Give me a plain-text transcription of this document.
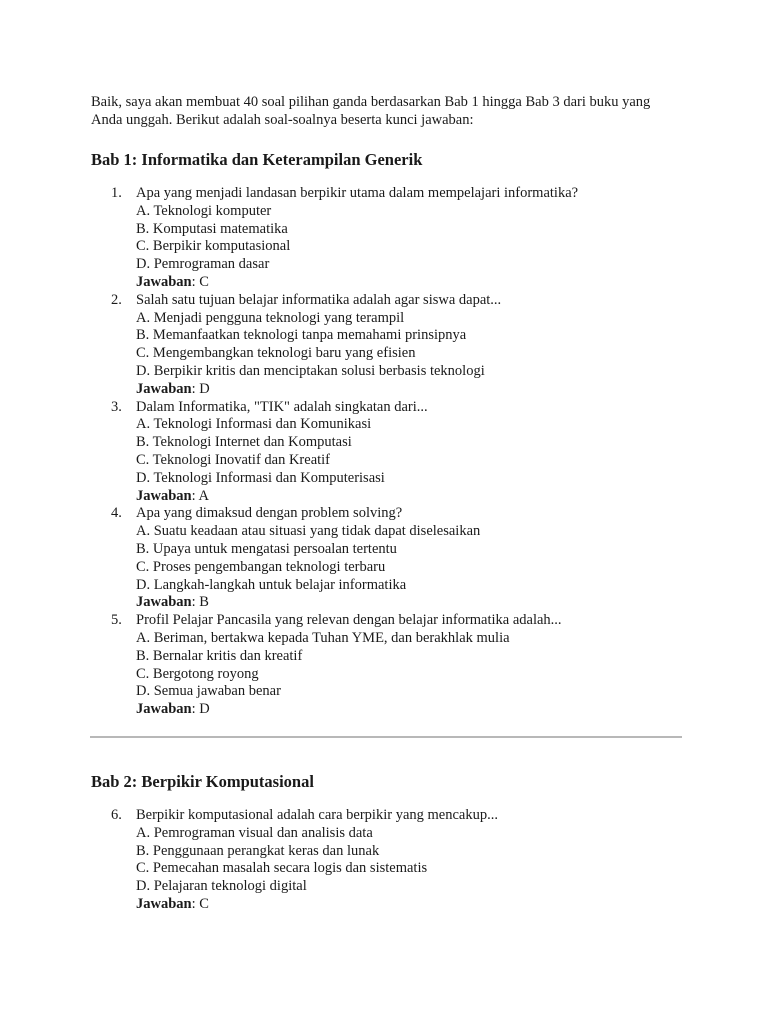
Baik, saya akan membuat 40 soal pilihan ganda berdasarkan Bab 1 hingga Bab 3 dari buku yang Anda unggah. Berikut adalah soal-soalnya beserta kunci jawaban:

Bab 1: Informatika dan Keterampilan Generik
1. Apa yang menjadi landasan berpikir utama dalam mempelajari informatika?
A. Teknologi komputer
B. Komputasi matematika
C. Berpikir komputasional
D. Pemrograman dasar
Jawaban: C
2. Salah satu tujuan belajar informatika adalah agar siswa dapat...
A. Menjadi pengguna teknologi yang terampil
B. Memanfaatkan teknologi tanpa memahami prinsipnya
C. Mengembangkan teknologi baru yang efisien
D. Berpikir kritis dan menciptakan solusi berbasis teknologi
Jawaban: D
3. Dalam Informatika, "TIK" adalah singkatan dari...
A. Teknologi Informasi dan Komunikasi
B. Teknologi Internet dan Komputasi
C. Teknologi Inovatif dan Kreatif
D. Teknologi Informasi dan Komputerisasi
Jawaban: A
4. Apa yang dimaksud dengan problem solving?
A. Suatu keadaan atau situasi yang tidak dapat diselesaikan
B. Upaya untuk mengatasi persoalan tertentu
C. Proses pengembangan teknologi terbaru
D. Langkah-langkah untuk belajar informatika
Jawaban: B
5. Profil Pelajar Pancasila yang relevan dengan belajar informatika adalah...
A. Beriman, bertakwa kepada Tuhan YME, dan berakhlak mulia
B. Bernalar kritis dan kreatif
C. Bergotong royong
D. Semua jawaban benar
Jawaban: D
Bab 2: Berpikir Komputasional
6. Berpikir komputasional adalah cara berpikir yang mencakup...
A. Pemrograman visual dan analisis data
B. Penggunaan perangkat keras dan lunak
C. Pemecahan masalah secara logis dan sistematis
D. Pelajaran teknologi digital
Jawaban: C
